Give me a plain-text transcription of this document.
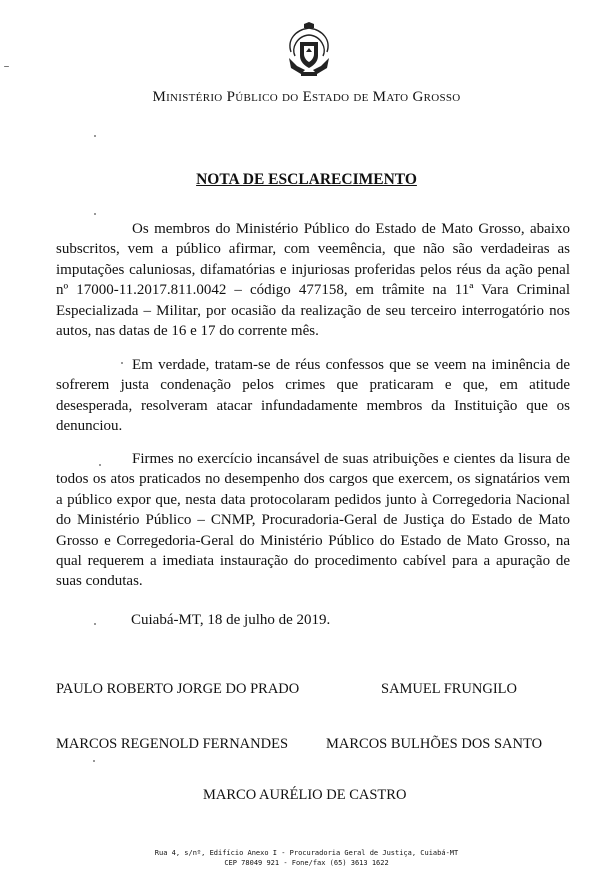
Ministério Público do Estado de Mato Grosso
NOTA DE ESCLARECIMENTO

Os membros do Ministério Público do Estado de Mato Grosso, abaixo subscritos, vem a público afirmar, com veemência, que não são verdadeiras as imputações caluniosas, difamatórias e injuriosas proferidas pelos réus da ação penal nº 17000-11.2017.811.0042 – código 477158, em trâmite na 11ª Vara Criminal Especializada – Militar, por ocasião da realização de seu terceiro interrogatório nos autos, nas datas de 16 e 17 do corrente mês.

Em verdade, tratam-se de réus confessos que se veem na iminência de sofrerem justa condenação pelos crimes que praticaram e que, em atitude desesperada, resolveram atacar infundadamente membros da Instituição que os denunciou.

Firmes no exercício incansável de suas atribuições e cientes da lisura de todos os atos praticados no desempenho dos cargos que exercem, os signatários vem a público expor que, nesta data protocolaram pedidos junto à Corregedoria Nacional do Ministério Público – CNMP, Procuradoria-Geral de Justiça do Estado de Mato Grosso e Corregedoria-Geral do Ministério Público do Estado de Mato Grosso, na qual requerem a imediata instauração do procedimento cabível para a apuração de suas condutas.

Cuiabá-MT, 18 de julho de 2019.
PAULO ROBERTO JORGE DO PRADO	SAMUEL FRUNGILO
MARCOS REGENOLD FERNANDES	MARCOS BULHÕES DOS SANTO
MARCO AURÉLIO DE CASTRO
Rua 4, s/nº, Edifício Anexo I - Procuradoria Geral de Justiça, Cuiabá-MT
CEP 78049 921 - Fone/fax (65) 3613 1622
